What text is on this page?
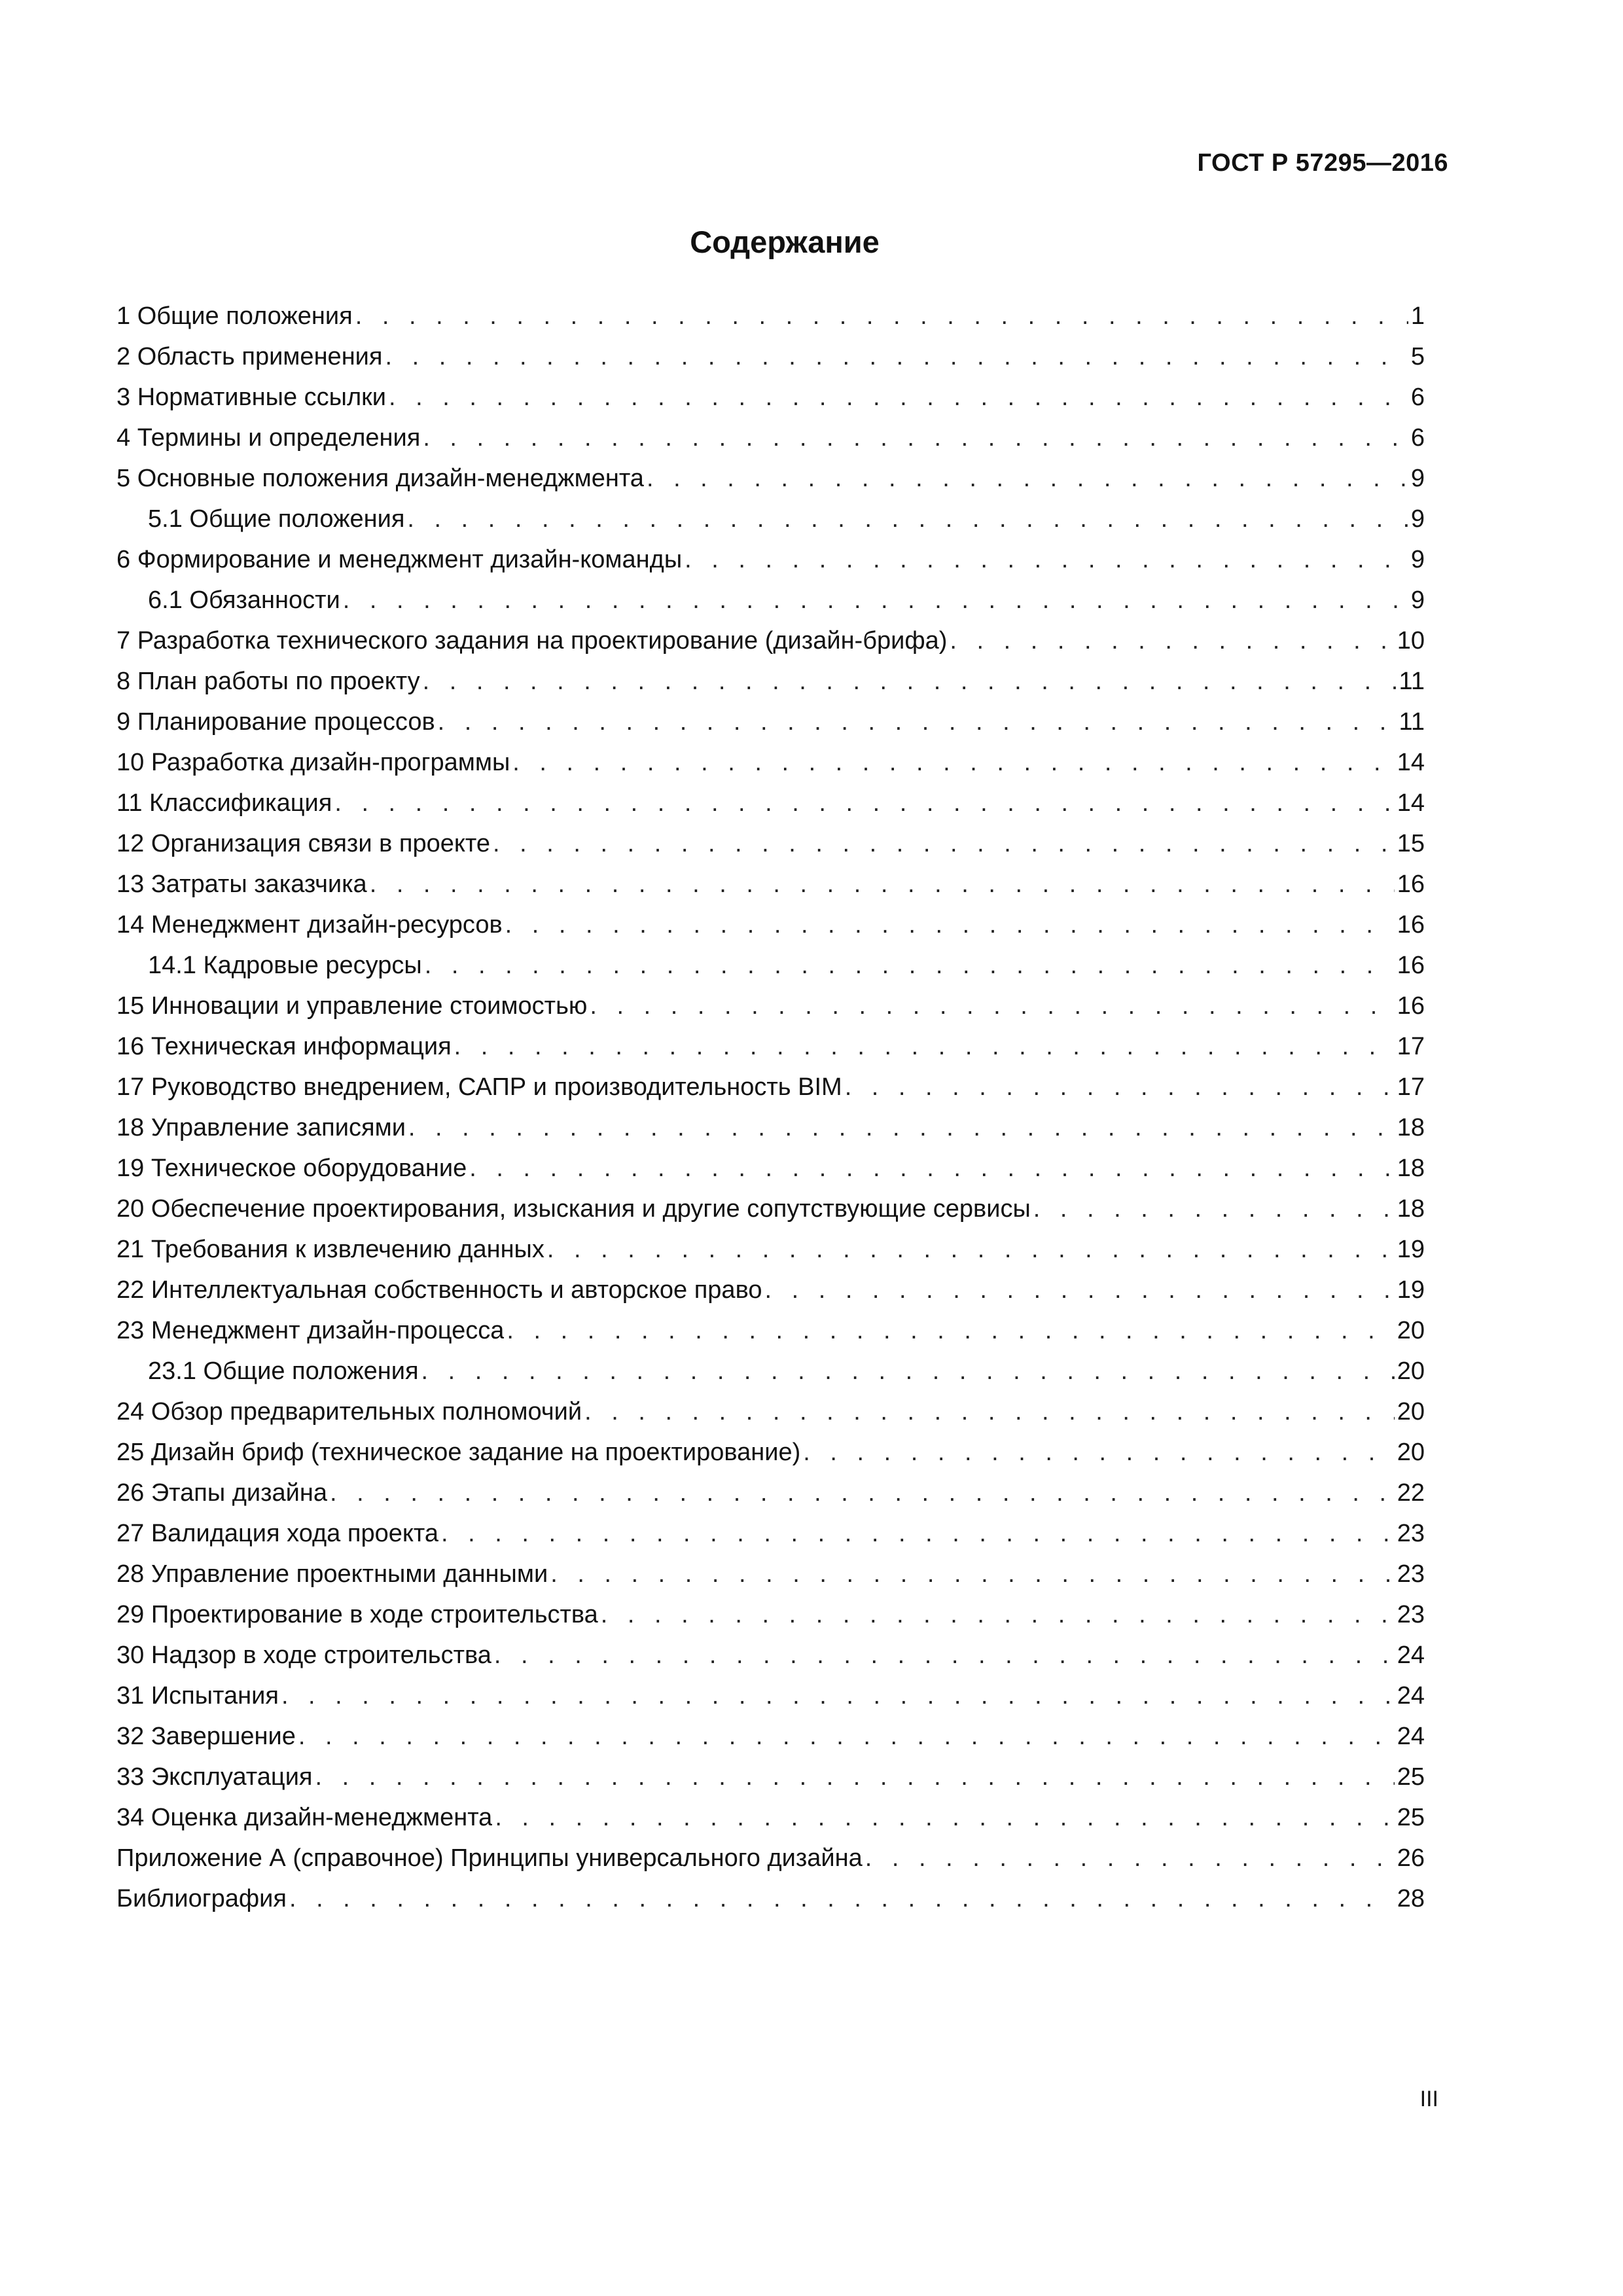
ГОСТ Р 57295—2016
Содержание
1 Общие положения . . .	1
2 Область применения . . .	5
3 Нормативные ссылки . . .	6
4 Термины и определения . . .	6
5 Основные положения дизайн-менеджмента . . .	9
5.1 Общие положения . . .	9
6 Формирование и менеджмент дизайн-команды . . .	9
6.1 Обязанности . . .	9
7 Разработка технического задания на проектирование (дизайн-брифа) . . .	10
8 План работы по проекту . . .	11
9 Планирование процессов . . .	11
10 Разработка дизайн-программы . . .	14
11 Классификация . . .	14
12 Организация связи в проекте . . .	15
13 Затраты заказчика . . .	16
14 Менеджмент дизайн-ресурсов . . .	16
14.1 Кадровые ресурсы . . .	16
15 Инновации и управление стоимостью . . .	16
16 Техническая информация . . .	17
17 Руководство внедрением, САПР и производительность BIM . . .	17
18 Управление записями . . .	18
19 Техническое оборудование . . .	18
20 Обеспечение проектирования, изыскания и другие сопутствующие сервисы . . .	18
21 Требования к извлечению данных . . .	19
22 Интеллектуальная собственность и авторское право . . .	19
23 Менеджмент дизайн-процесса . . .	20
23.1 Общие положения . . .	20
24 Обзор предварительных полномочий . . .	20
25 Дизайн бриф (техническое задание на проектирование) . . .	20
26 Этапы дизайна . . .	22
27 Валидация хода проекта . . .	23
28 Управление проектными данными . . .	23
29 Проектирование в ходе строительства . . .	23
30 Надзор в ходе строительства . . .	24
31 Испытания . . .	24
32 Завершение . . .	24
33 Эксплуатация . . .	25
34 Оценка дизайн-менеджмента . . .	25
Приложение А (справочное) Принципы универсального дизайна . . .	26
Библиография . . .	28
III
